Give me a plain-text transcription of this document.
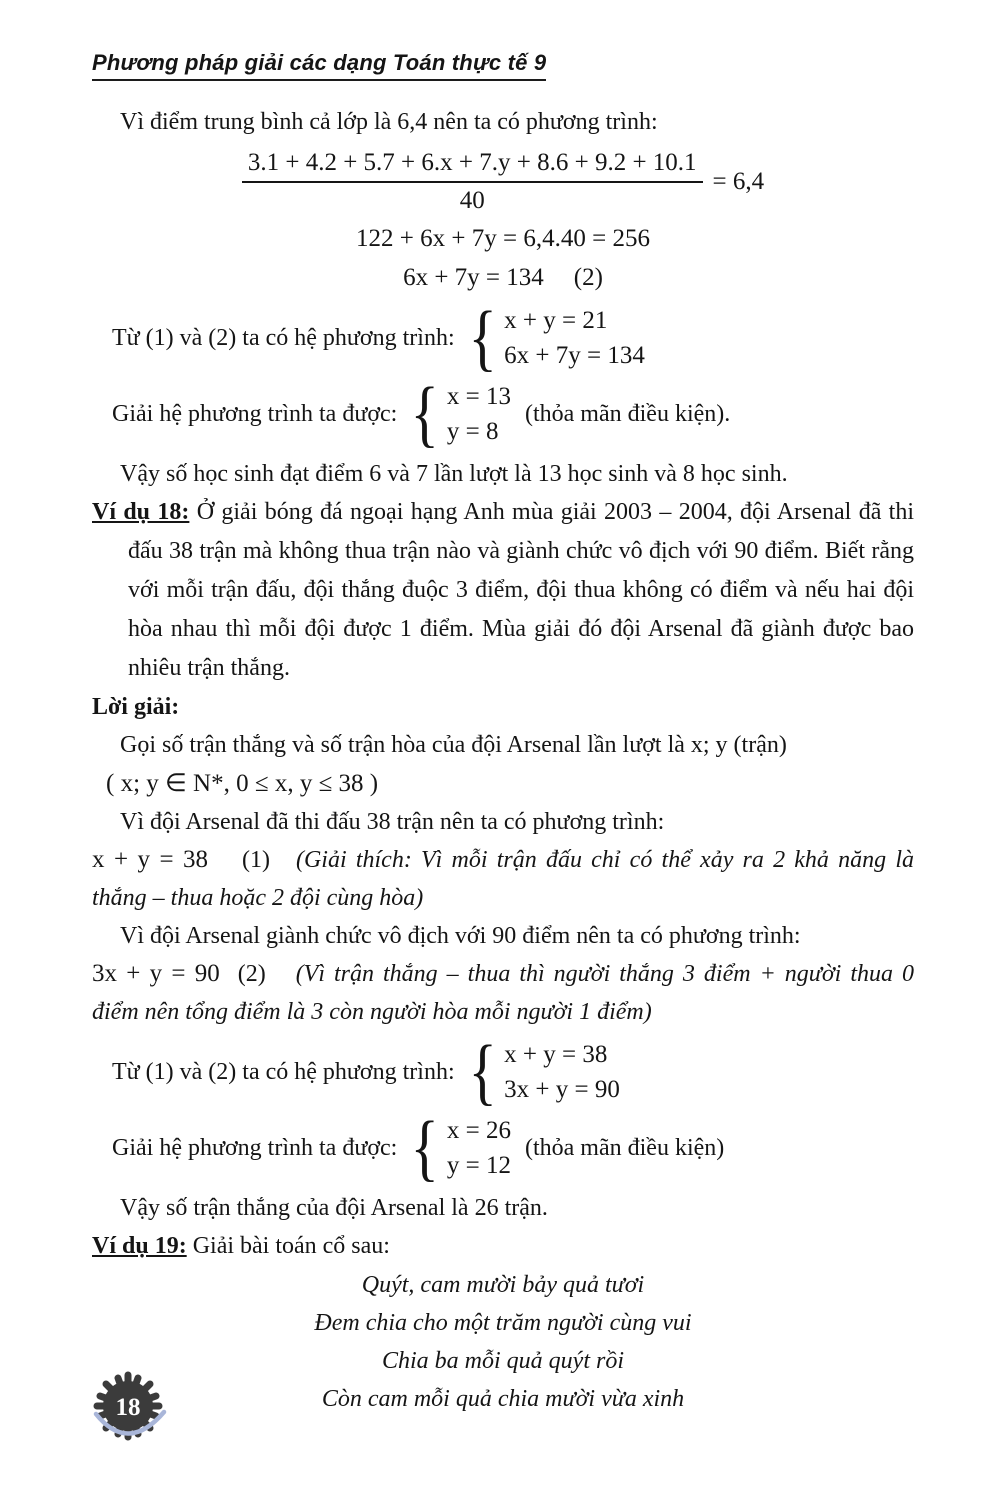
Phương pháp giải các dạng Toán thực tế 9

Vì điểm trung bình cả lớp là 6,4 nên ta có phương trình:

$\frac{3.1 + 4.2 + 5.7 + 6.x + 7.y + 8.6 + 9.2 + 10.1}{40} = 6,4$

122 + 6x + 7y = 6,4.40 = 256

6x + 7y = 134 (2)

Từ (1) và (2) ta có hệ phương trình: { x + y = 21
6x + 7y = 134
Giải hệ phương trình ta được: { x = 13
y = 8
(thỏa mãn điều kiện).

Vậy số học sinh đạt điểm 6 và 7 lần lượt là 13 học sinh và 8 học sinh.

Ví dụ 18: Ở giải bóng đá ngoại hạng Anh mùa giải 2003 – 2004, đội Arsenal đã thi đấu 38 trận mà không thua trận nào và giành chức vô địch với 90 điểm. Biết rằng với mỗi trận đấu, đội thắng đuộc 3 điểm, đội thua không có điểm và nếu hai đội hòa nhau thì mỗi đội được 1 điểm. Mùa giải đó đội Arsenal đã giành được bao nhiêu trận thắng.

Lời giải:

Gọi số trận thắng và số trận hòa của đội Arsenal lần lượt là x; y (trận)

( x; y ∈ N*, 0 ≤ x, y ≤ 38 )

Vì đội Arsenal đã thi đấu 38 trận nên ta có phương trình:

x + y = 38 (1) (Giải thích: Vì mỗi trận đấu chỉ có thể xảy ra 2 khả năng là thắng – thua hoặc 2 đội cùng hòa)

Vì đội Arsenal giành chức vô địch với 90 điểm nên ta có phương trình:

3x + y = 90 (2) (Vì trận thắng – thua thì người thắng 3 điểm + người thua 0 điểm nên tổng điểm là 3 còn người hòa mỗi người 1 điểm)

Từ (1) và (2) ta có hệ phương trình: { x + y = 38
3x + y = 90
Giải hệ phương trình ta được: { x = 26
y = 12
(thỏa mãn điều kiện)

Vậy số trận thắng của đội Arsenal là 26 trận.

Ví dụ 19: Giải bài toán cổ sau:

Quýt, cam mười bảy quả tươi

Đem chia cho một trăm người cùng vui

Chia ba mỗi quả quýt rồi

Còn cam mỗi quả chia mười vừa xinh

18
